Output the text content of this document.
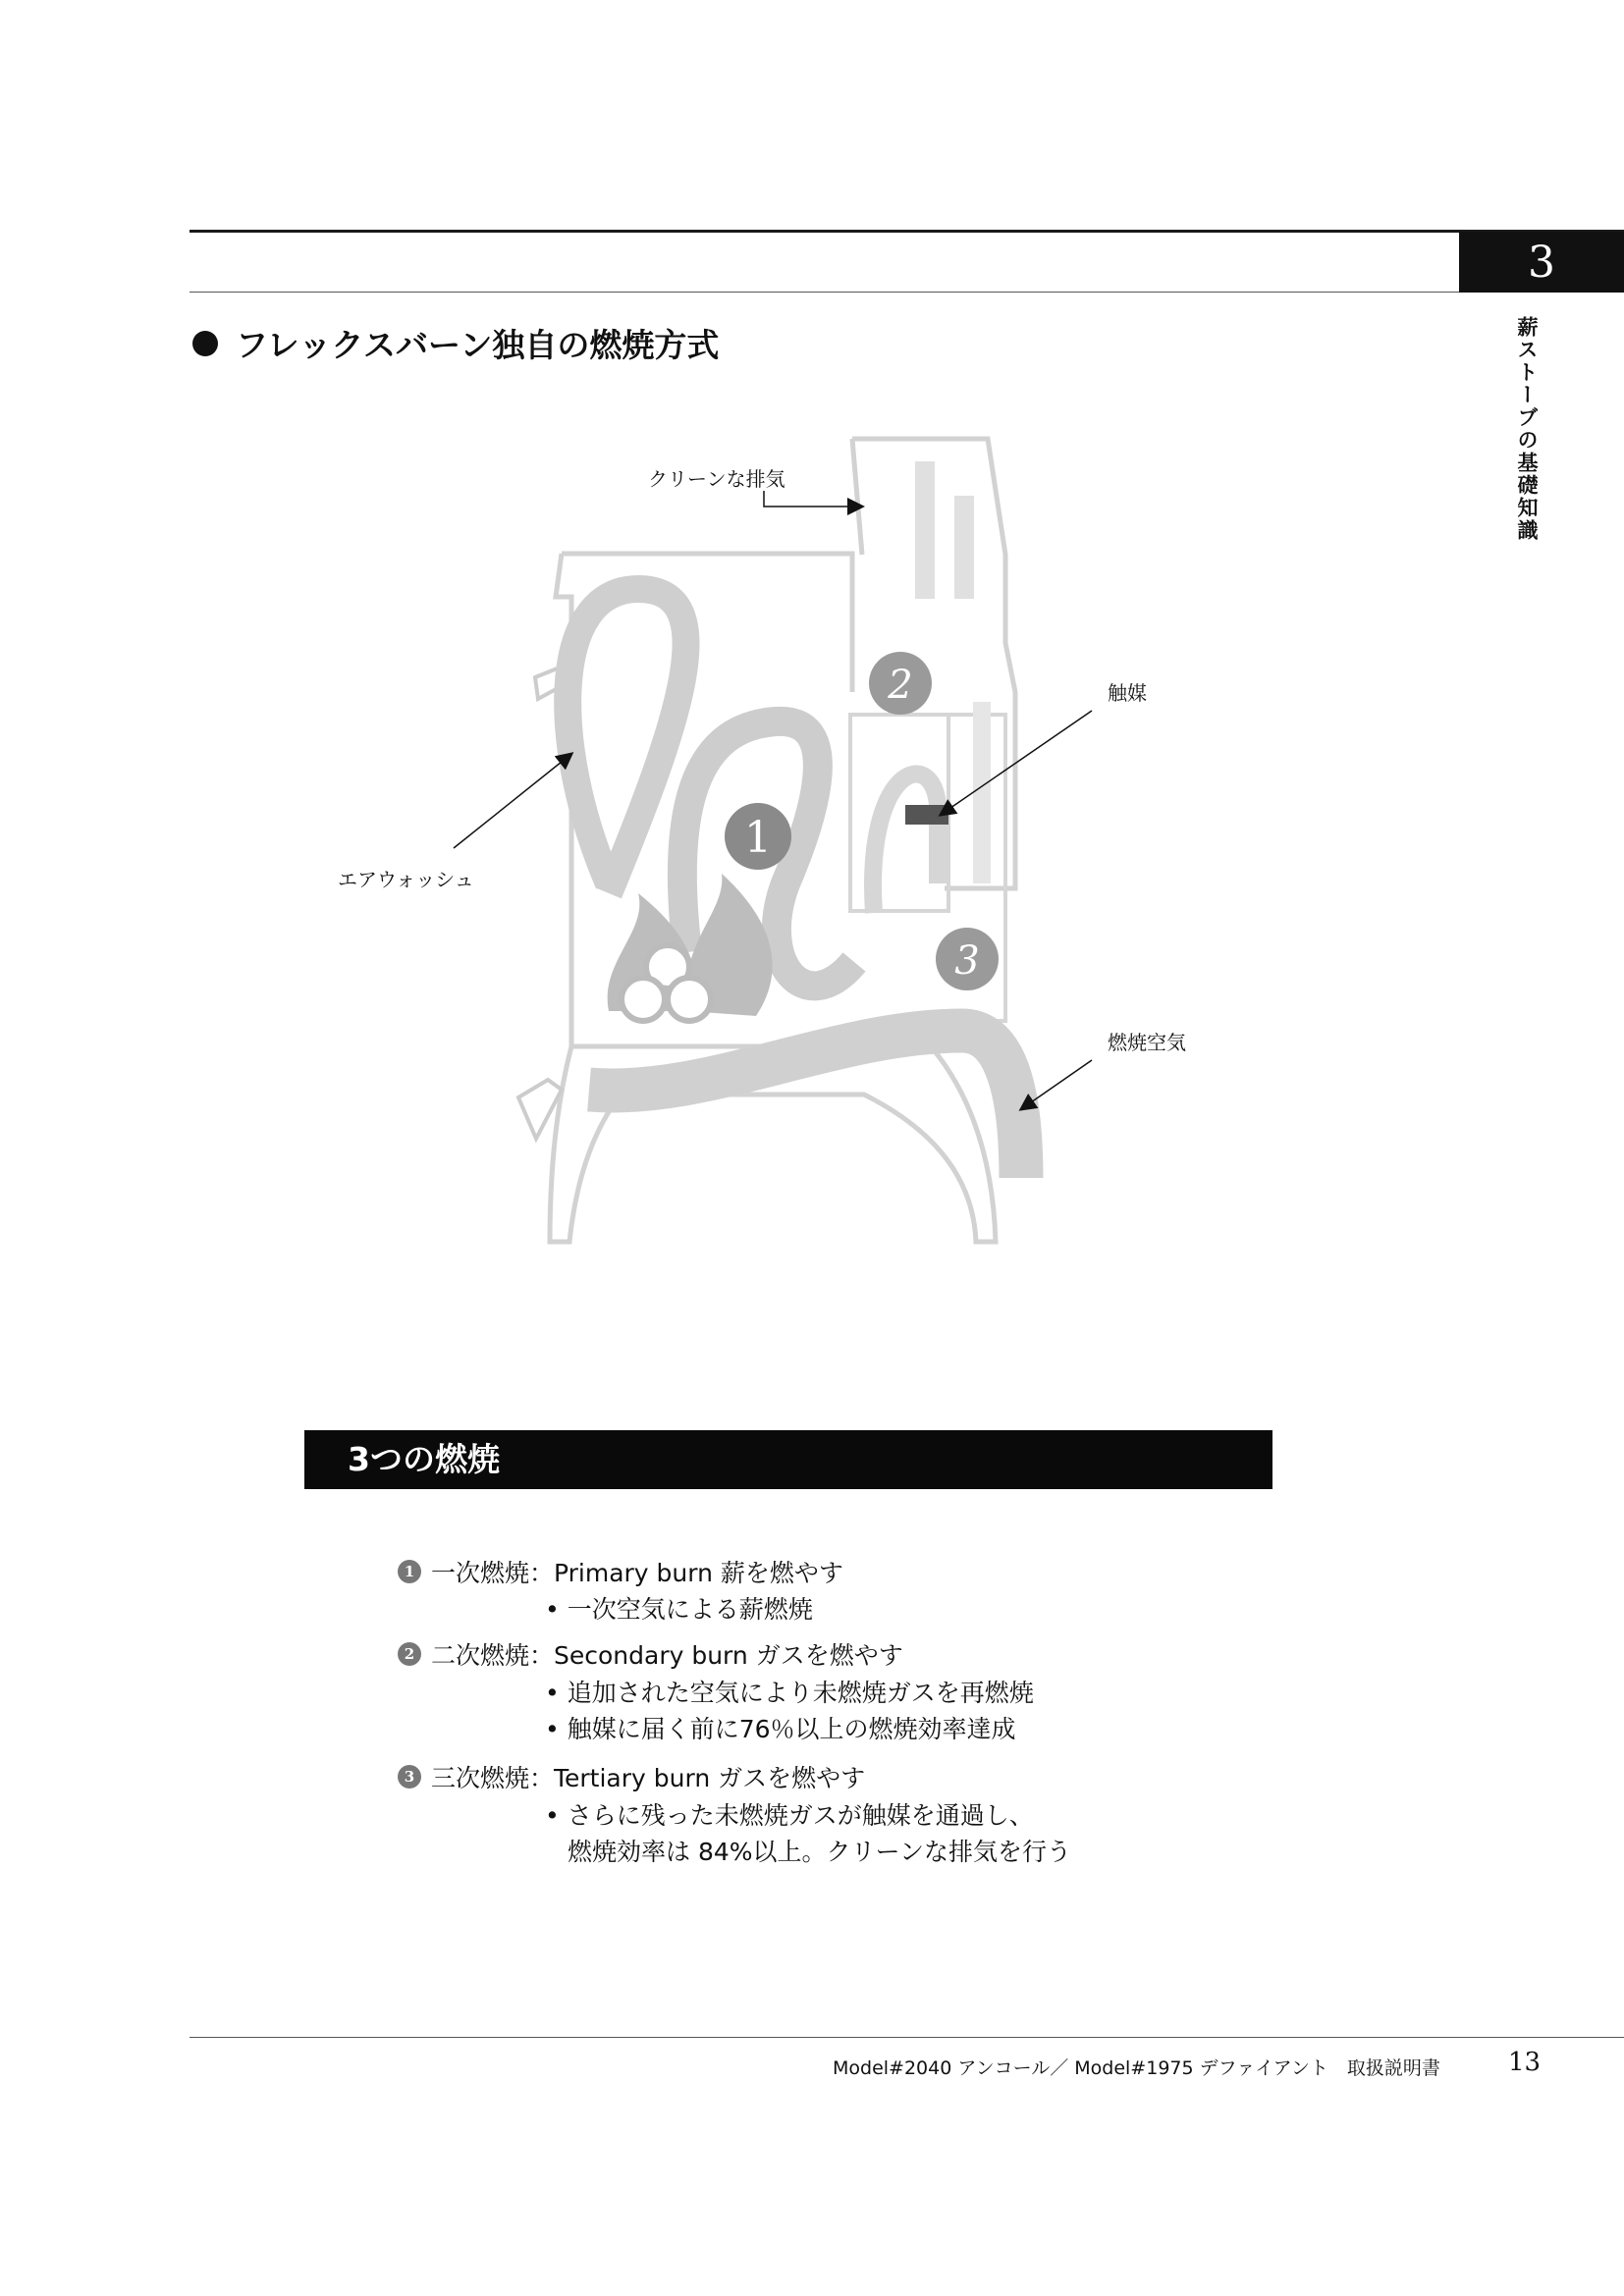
3
薪ストーブの基礎知識
フレックスバーン独自の燃焼方式
1
2
3
クリーンな排気
触媒
エアウォッシュ
燃焼空気
3つの燃焼
1 一次燃焼：Primary burn 薪を燃やす
• 一次空気による薪燃焼
2 二次燃焼：Secondary burn ガスを燃やす
• 追加された空気により未燃焼ガスを再燃焼
• 触媒に届く前に76％以上の燃焼効率達成
3 三次燃焼：Tertiary burn ガスを燃やす
• さらに残った未燃焼ガスが触媒を通過し、
燃焼効率は 84%以上。クリーンな排気を行う
Model#2040 アンコール／ Model#1975 デファイアント　取扱説明書	13
